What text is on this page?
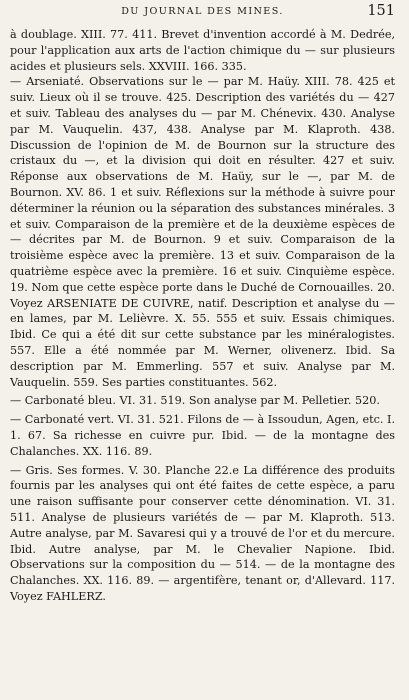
DU JOURNAL DES MINES.	151

à doublage. XIII. 77. 411. Brevet d'invention accordé à M. Dedrée, pour l'application aux arts de l'action chimique du — sur plusieurs acides et plusieurs sels. XXVIII. 166. 335.

— Arseniaté. Observations sur le — par M. Haüy. XIII. 78. 425 et suiv. Lieux où il se trouve. 425. Description des variétés du — 427 et suiv. Tableau des analyses du — par M. Chénevix. 430. Analyse par M. Vauquelin. 437, 438. Analyse par M. Klaproth. 438. Discussion de l'opinion de M. de Bournon sur la structure des cristaux du —, et la division qui doit en résulter. 427 et suiv. Réponse aux observations de M. Haüy, sur le —, par M. de Bournon. XV. 86. 1 et suiv. Réflexions sur la méthode à suivre pour déterminer la réunion ou la séparation des substances minérales. 3 et suiv. Comparaison de la première et de la deuxième espèces de — décrites par M. de Bournon. 9 et suiv. Comparaison de la troisième espèce avec la première. 13 et suiv. Comparaison de la quatrième espèce avec la première. 16 et suiv. Cinquième espèce. 19. Nom que cette espèce porte dans le Duché de Cornouailles. 20. Voyez ARSENIATE DE CUIVRE, natif. Description et analyse du — en lames, par M. Lelièvre. X. 55. 555 et suiv. Essais chimiques. Ibid. Ce qui a été dit sur cette substance par les minéralogistes. 557. Elle a été nommée par M. Werner, olivenerz. Ibid. Sa description par M. Emmerling. 557 et suiv. Analyse par M. Vauquelin. 559. Ses parties constituantes. 562.

— Carbonaté bleu. VI. 31. 519. Son analyse par M. Pelletier. 520.

— Carbonaté vert. VI. 31. 521. Filons de — à Issoudun, Agen, etc. I. 1. 67. Sa richesse en cuivre pur. Ibid. — de la montagne des Chalanches. XX. 116. 89.

— Gris. Ses formes. V. 30. Planche 22.e La différence des produits fournis par les analyses qui ont été faites de cette espèce, a paru une raison suffisante pour conserver cette dénomination. VI. 31. 511. Analyse de plusieurs variétés de — par M. Klaproth. 513. Autre analyse, par M. Savaresi qui y a trouvé de l'or et du mercure. Ibid. Autre analyse, par M. le Chevalier Napione. Ibid. Observations sur la composition du — 514. — de la montagne des Chalanches. XX. 116. 89. — argentifère, tenant or, d'Allevard. 117. Voyez FAHLERZ.
